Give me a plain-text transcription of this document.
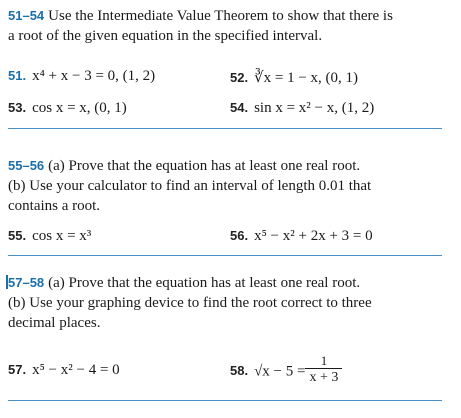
51–54 Use the Intermediate Value Theorem to show that there is

a root of the given equation in the specified interval.

51. x⁴ + x − 3 = 0, (1, 2)	52. ∛x = 1 − x, (0, 1)
53. cos x = x, (0, 1)	54. sin x = x² − x, (1, 2)

55–56 (a) Prove that the equation has at least one real root.

(b) Use your calculator to find an interval of length 0.01 that

contains a root.

55. cos x = x³	56. x⁵ − x² + 2x + 3 = 0

57–58 (a) Prove that the equation has at least one real root.

(b) Use your graphing device to find the root correct to three

decimal places.

57. x⁵ − x² − 4 = 0	58. $√x - 5 = \frac{1}{x + 3}$
